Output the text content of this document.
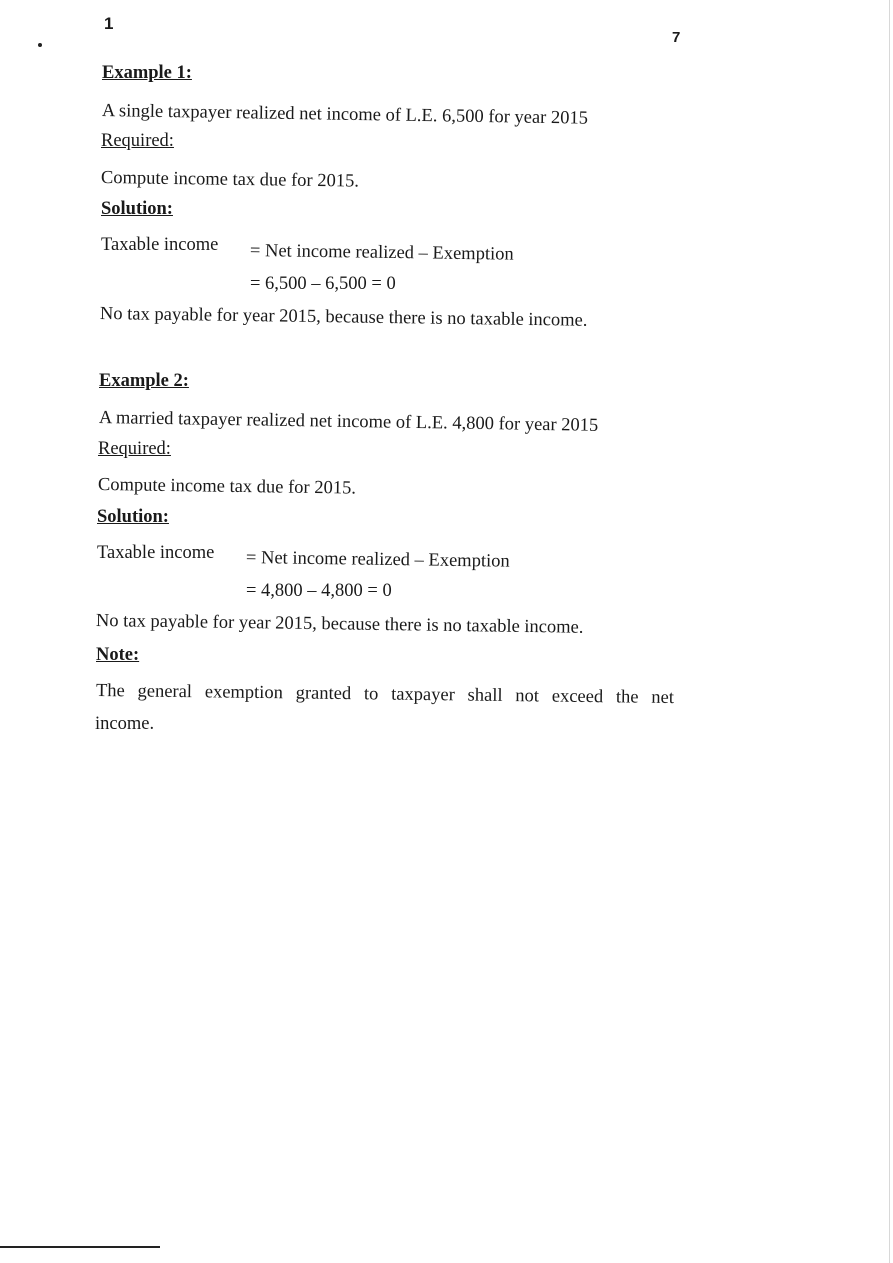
1
7
Example 1:
A single taxpayer realized net income of L.E. 6,500 for year 2015
Required:
Compute income tax due for 2015.
Solution:
Taxable income = Net income realized – Exemption
= 6,500 – 6,500 = 0
No tax payable for year 2015, because there is no taxable income.
Example 2:
A married taxpayer realized net income of L.E. 4,800 for year 2015
Required:
Compute income tax due for 2015.
Solution:
Taxable income = Net income realized – Exemption
= 4,800 – 4,800 = 0
No tax payable for year 2015, because there is no taxable income.
Note:
The general exemption granted to taxpayer shall not exceed the net
income.
